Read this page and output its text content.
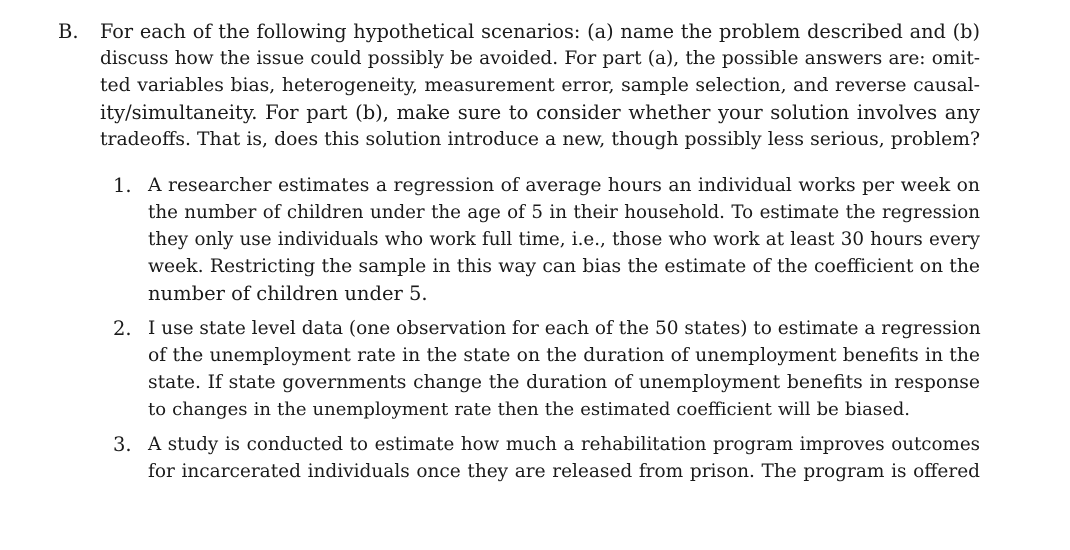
B. For each of the following hypothetical scenarios: (a) name the problem described and (b)
discuss how the issue could possibly be avoided. For part (a), the possible answers are: omit-
ted variables bias, heterogeneity, measurement error, sample selection, and reverse causal-
ity/simultaneity. For part (b), make sure to consider whether your solution involves any
tradeoffs. That is, does this solution introduce a new, though possibly less serious, problem?
1. A researcher estimates a regression of average hours an individual works per week on
the number of children under the age of 5 in their household. To estimate the regression
they only use individuals who work full time, i.e., those who work at least 30 hours every
week. Restricting the sample in this way can bias the estimate of the coefficient on the
number of children under 5.
2. I use state level data (one observation for each of the 50 states) to estimate a regression
of the unemployment rate in the state on the duration of unemployment benefits in the
state. If state governments change the duration of unemployment benefits in response
to changes in the unemployment rate then the estimated coefficient will be biased.
3. A study is conducted to estimate how much a rehabilitation program improves outcomes
for incarcerated individuals once they are released from prison. The program is offered
